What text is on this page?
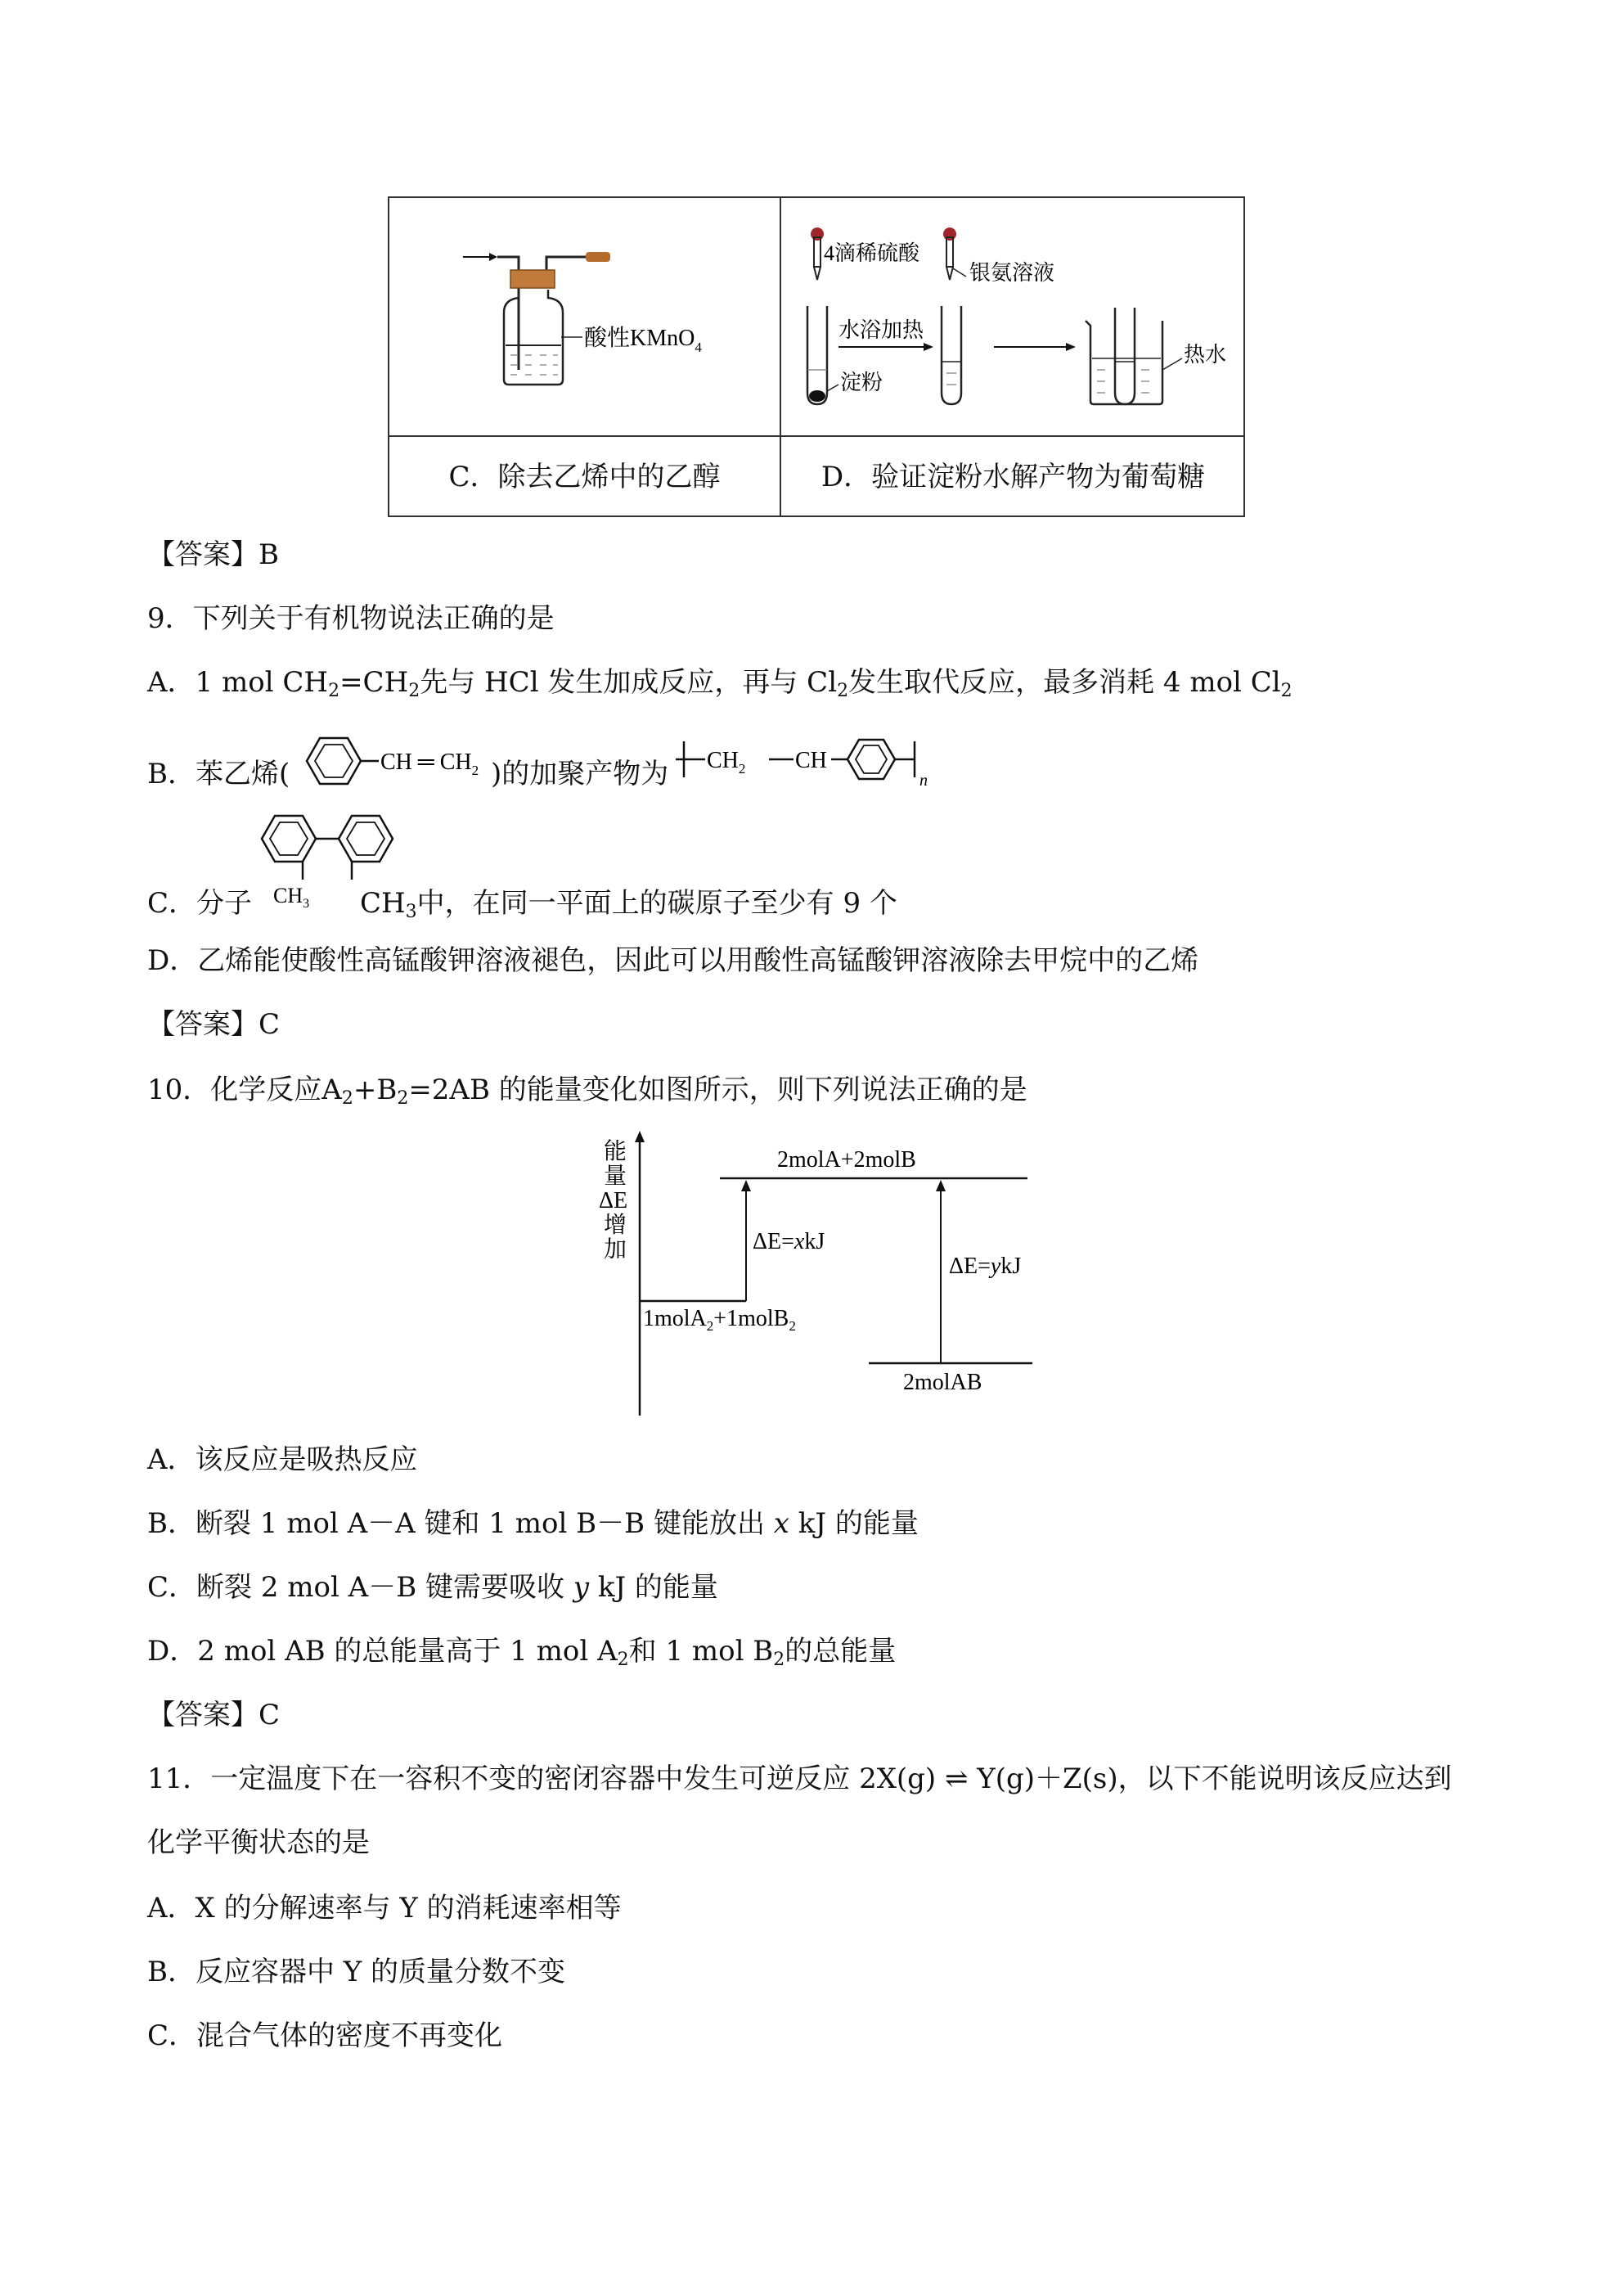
酸性KMnO$_4$
4滴稀硫酸
淀粉
水浴加热
银氨溶液
热水
C．除去乙烯中的乙醇	D．验证淀粉水解产物为葡萄糖
【答案】B
9．下列关于有机物说法正确的是
A．1 mol $CH_2=CH_2$先与 HCl 发生加成反应，再与 $Cl_2$发生取代反应，最多消耗 4 mol $Cl_2$
B．苯乙烯(	CH ═ $CH_2$ )的加聚产物为 $CH_2$ CH
n
$CH_3$
C．分子	$CH_3$中，在同一平面上的碳原子至少有 9 个
D．乙烯能使酸性高锰酸钾溶液褪色，因此可以用酸性高锰酸钾溶液除去甲烷中的乙烯
【答案】C
10．化学反应$A_2+B_2=2AB$ 的能量变化如图所示，则下列说法正确的是
能
量
ΔE
增
加
2molA+2molB
1molA$_2$+1molB$_2$
ΔE=xkJ
2molAB
ΔE=ykJ
A．该反应是吸热反应
B．断裂 1 mol A－A 键和 1 mol B－B 键能放出 x kJ 的能量
C．断裂 2 mol A－B 键需要吸收 y kJ 的能量
D．2 mol AB 的总能量高于 1 mol $A_2$和 1 mol $B_2$的总能量
【答案】C
11．一定温度下在一容积不变的密闭容器中发生可逆反应 2X(g) ⇌ Y(g)＋Z(s)，以下不能说明该反应达到
化学平衡状态的是
A．X 的分解速率与 Y 的消耗速率相等
B．反应容器中 Y 的质量分数不变
C．混合气体的密度不再变化
